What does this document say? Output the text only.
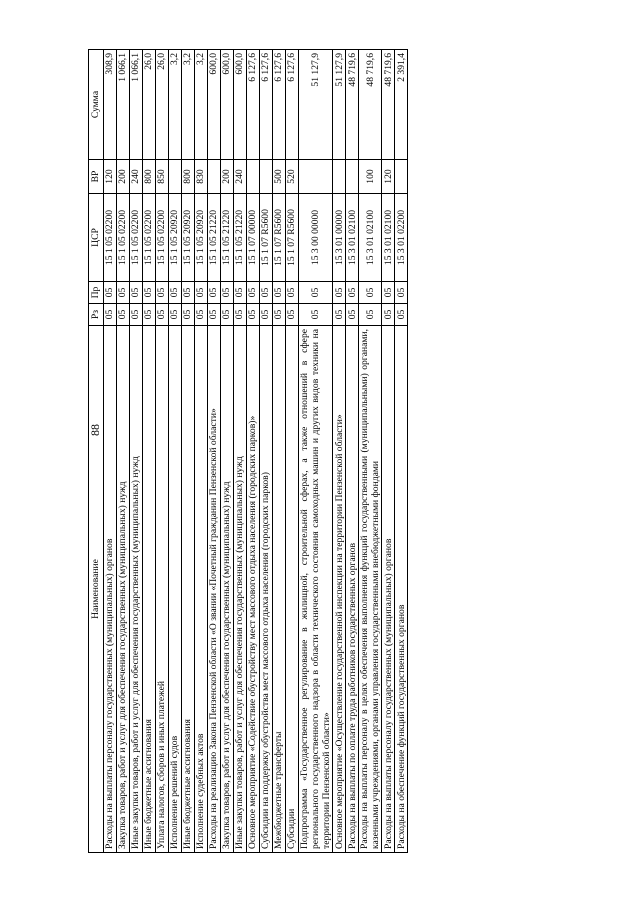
88
Наименование	Рз	Пр	ЦСР	ВР	Сумма
Расходы на выплаты персоналу государственных (муниципальных) органов	05	05	15 1 05 02200	120	308,9
Закупка товаров, работ и услуг для обеспечения государственных (муниципальных) нужд	05	05	15 1 05 02200	200	1 066,1
Иные закупки товаров, работ и услуг для обеспечения государственных (муниципальных) нужд	05	05	15 1 05 02200	240	1 066,1
Иные бюджетные ассигнования	05	05	15 1 05 02200	800	26,0
Уплата налогов, сборов и иных платежей	05	05	15 1 05 02200	850	26,0
Исполнение решений судов	05	05	15 1 05 20920		3,2
Иные бюджетные ассигнования	05	05	15 1 05 20920	800	3,2
Исполнение судебных актов	05	05	15 1 05 20920	830	3,2
Расходы на реализацию Закона Пензенской области «О звании «Почетный гражданин Пензенской области»	05	05	15 1 05 21220		600,0
Закупка товаров, работ и услуг для обеспечения государственных (муниципальных) нужд	05	05	15 1 05 21220	200	600,0
Иные закупки товаров, работ и услуг для обеспечения государственных (муниципальных) нужд	05	05	15 1 05 21220	240	600,0
Основное мероприятие «Содействие обустройству мест массового отдыха населения (городских парков)»	05	05	15 1 07 00000		6 127,6
Субсидии на поддержку обустройства мест массового отдыха населения (городских парков)	05	05	15 1 07 R5600		6 127,6
Межбюджетные трансферты	05	05	15 1 07 R5600	500	6 127,6
Субсидии	05	05	15 1 07 R5600	520	6 127,6
Подпрограмма «Государственное регулирование в жилищной, строительной сферах, а также отношений в сфере регионального государственного надзора в области технического состояния самоходных машин и других видов техники на территории Пензенской области»	05	05	15 3 00 00000		51 127,9
Основное мероприятие «Осуществление государственной инспекции на территории Пензенской области»	05	05	15 3 01 00000		51 127,9
Расходы на выплаты по оплате труда работников государственных органов	05	05	15 3 01 02100		48 719,6
Расходы на выплаты персоналу в целях обеспечения выполнения функций государственными (муниципальными) органами, казенными учреждениями, органами управления государственными внебюджетными фондами	05	05	15 3 01 02100	100	48 719,6
Расходы на выплаты персоналу государственных (муниципальных) органов	05	05	15 3 01 02100	120	48 719,6
Расходы на обеспечение функций государственных органов	05	05	15 3 01 02200		2 391,4
